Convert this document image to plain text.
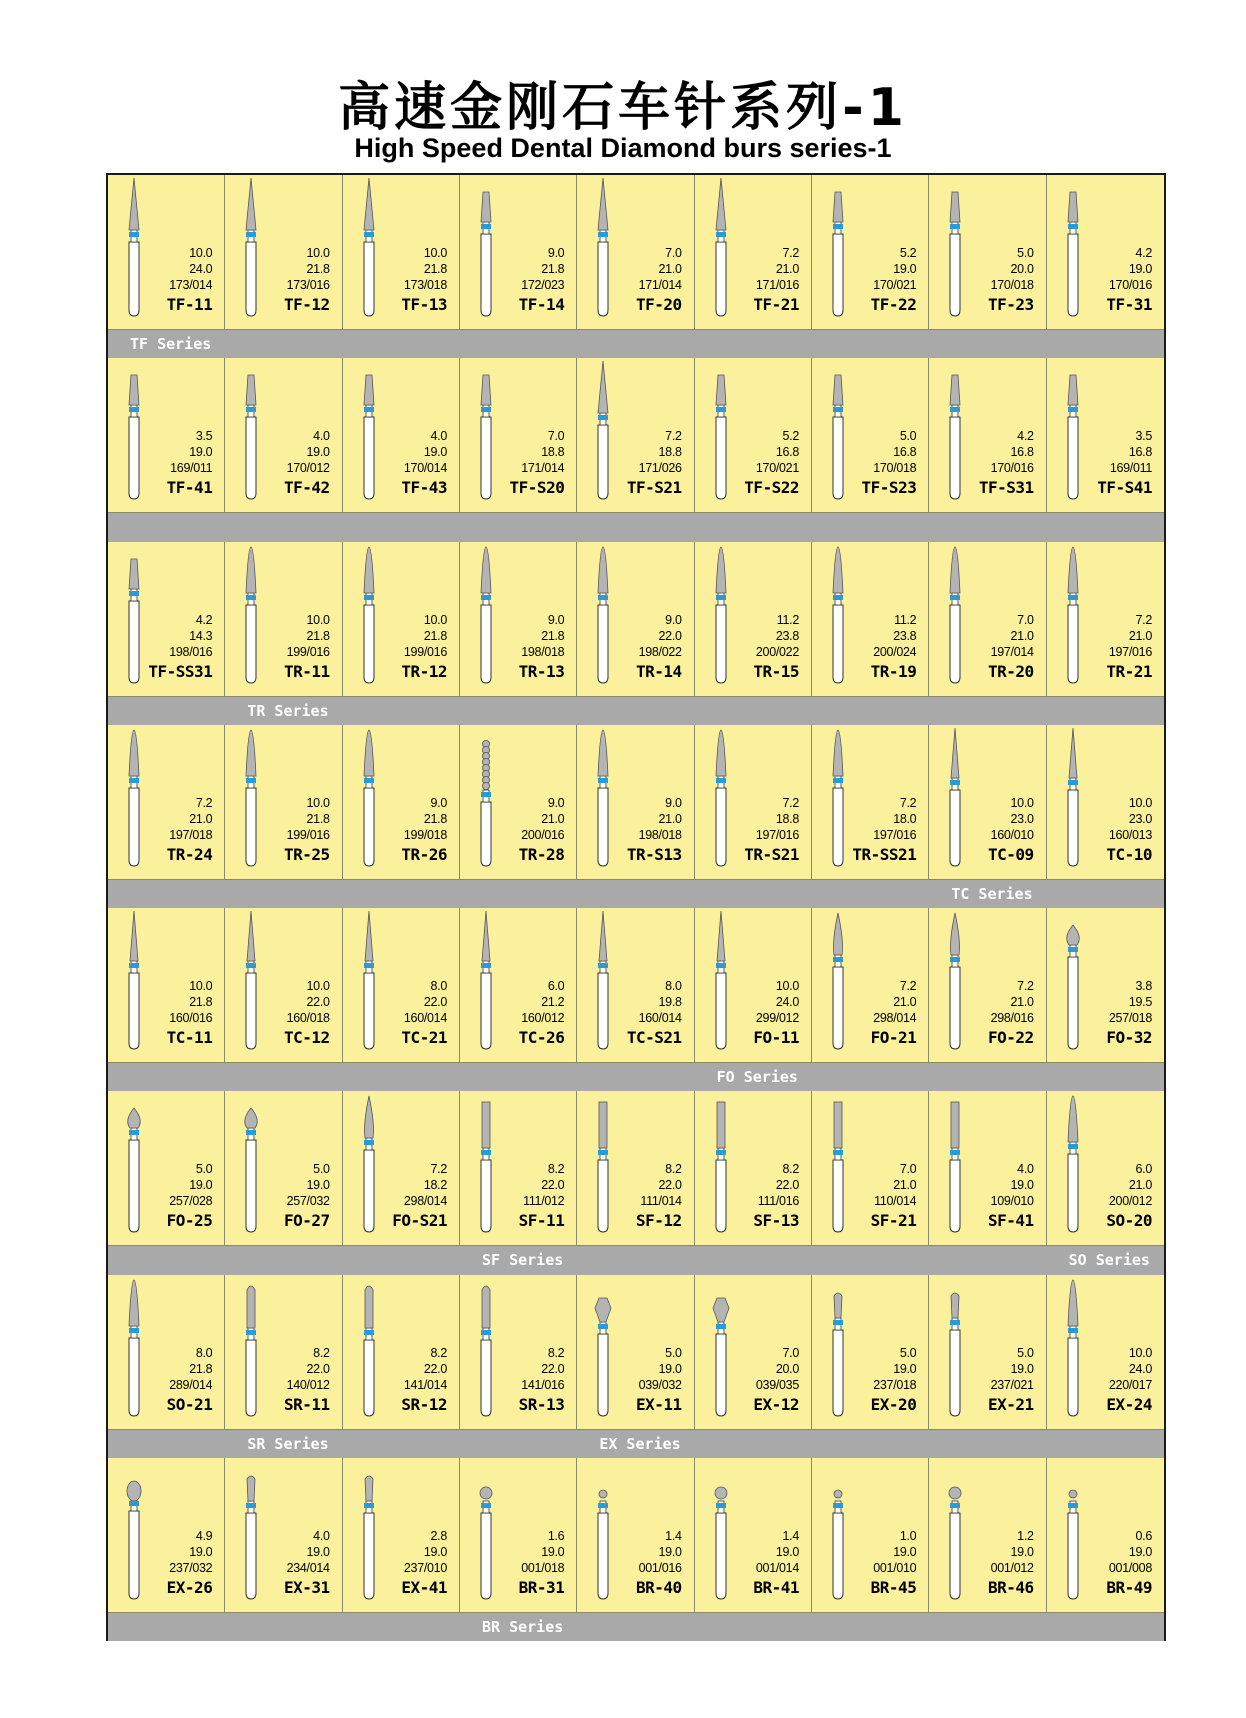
高速金刚石车针系列-1
High Speed Dental Diamond burs series-1
10.0
24.0
173/014
TF-11
10.0
21.8
173/016
TF-12
10.0
21.8
173/018
TF-13
9.0
21.8
172/023
TF-14
7.0
21.0
171/014
TF-20
7.2
21.0
171/016
TF-21
5.2
19.0
170/021
TF-22
5.0
20.0
170/018
TF-23
4.2
19.0
170/016
TF-31
TF Series
3.5
19.0
169/011
TF-41
4.0
19.0
170/012
TF-42
4.0
19.0
170/014
TF-43
7.0
18.8
171/014
TF-S20
7.2
18.8
171/026
TF-S21
5.2
16.8
170/021
TF-S22
5.0
16.8
170/018
TF-S23
4.2
16.8
170/016
TF-S31
3.5
16.8
169/011
TF-S41
4.2
14.3
198/016
TF-SS31
10.0
21.8
199/016
TR-11
10.0
21.8
199/016
TR-12
9.0
21.8
198/018
TR-13
9.0
22.0
198/022
TR-14
11.2
23.8
200/022
TR-15
11.2
23.8
200/024
TR-19
7.0
21.0
197/014
TR-20
7.2
21.0
197/016
TR-21
TR Series
7.2
21.0
197/018
TR-24
10.0
21.8
199/016
TR-25
9.0
21.8
199/018
TR-26
9.0
21.0
200/016
TR-28
9.0
21.0
198/018
TR-S13
7.2
18.8
197/016
TR-S21
7.2
18.0
197/016
TR-SS21
10.0
23.0
160/010
TC-09
10.0
23.0
160/013
TC-10
TC Series
10.0
21.8
160/016
TC-11
10.0
22.0
160/018
TC-12
8.0
22.0
160/014
TC-21
6.0
21.2
160/012
TC-26
8.0
19.8
160/014
TC-S21
10.0
24.0
299/012
FO-11
7.2
21.0
298/014
FO-21
7.2
21.0
298/016
FO-22
3.8
19.5
257/018
FO-32
FO Series
5.0
19.0
257/028
FO-25
5.0
19.0
257/032
FO-27
7.2
18.2
298/014
FO-S21
8.2
22.0
111/012
SF-11
8.2
22.0
111/014
SF-12
8.2
22.0
111/016
SF-13
7.0
21.0
110/014
SF-21
4.0
19.0
109/010
SF-41
6.0
21.0
200/012
SO-20
SF Series	SO Series
8.0
21.8
289/014
SO-21
8.2
22.0
140/012
SR-11
8.2
22.0
141/014
SR-12
8.2
22.0
141/016
SR-13
5.0
19.0
039/032
EX-11
7.0
20.0
039/035
EX-12
5.0
19.0
237/018
EX-20
5.0
19.0
237/021
EX-21
10.0
24.0
220/017
EX-24
SR Series	EX Series
4.9
19.0
237/032
EX-26
4.0
19.0
234/014
EX-31
2.8
19.0
237/010
EX-41
1.6
19.0
001/018
BR-31
1.4
19.0
001/016
BR-40
1.4
19.0
001/014
BR-41
1.0
19.0
001/010
BR-45
1.2
19.0
001/012
BR-46
0.6
19.0
001/008
BR-49
BR Series
